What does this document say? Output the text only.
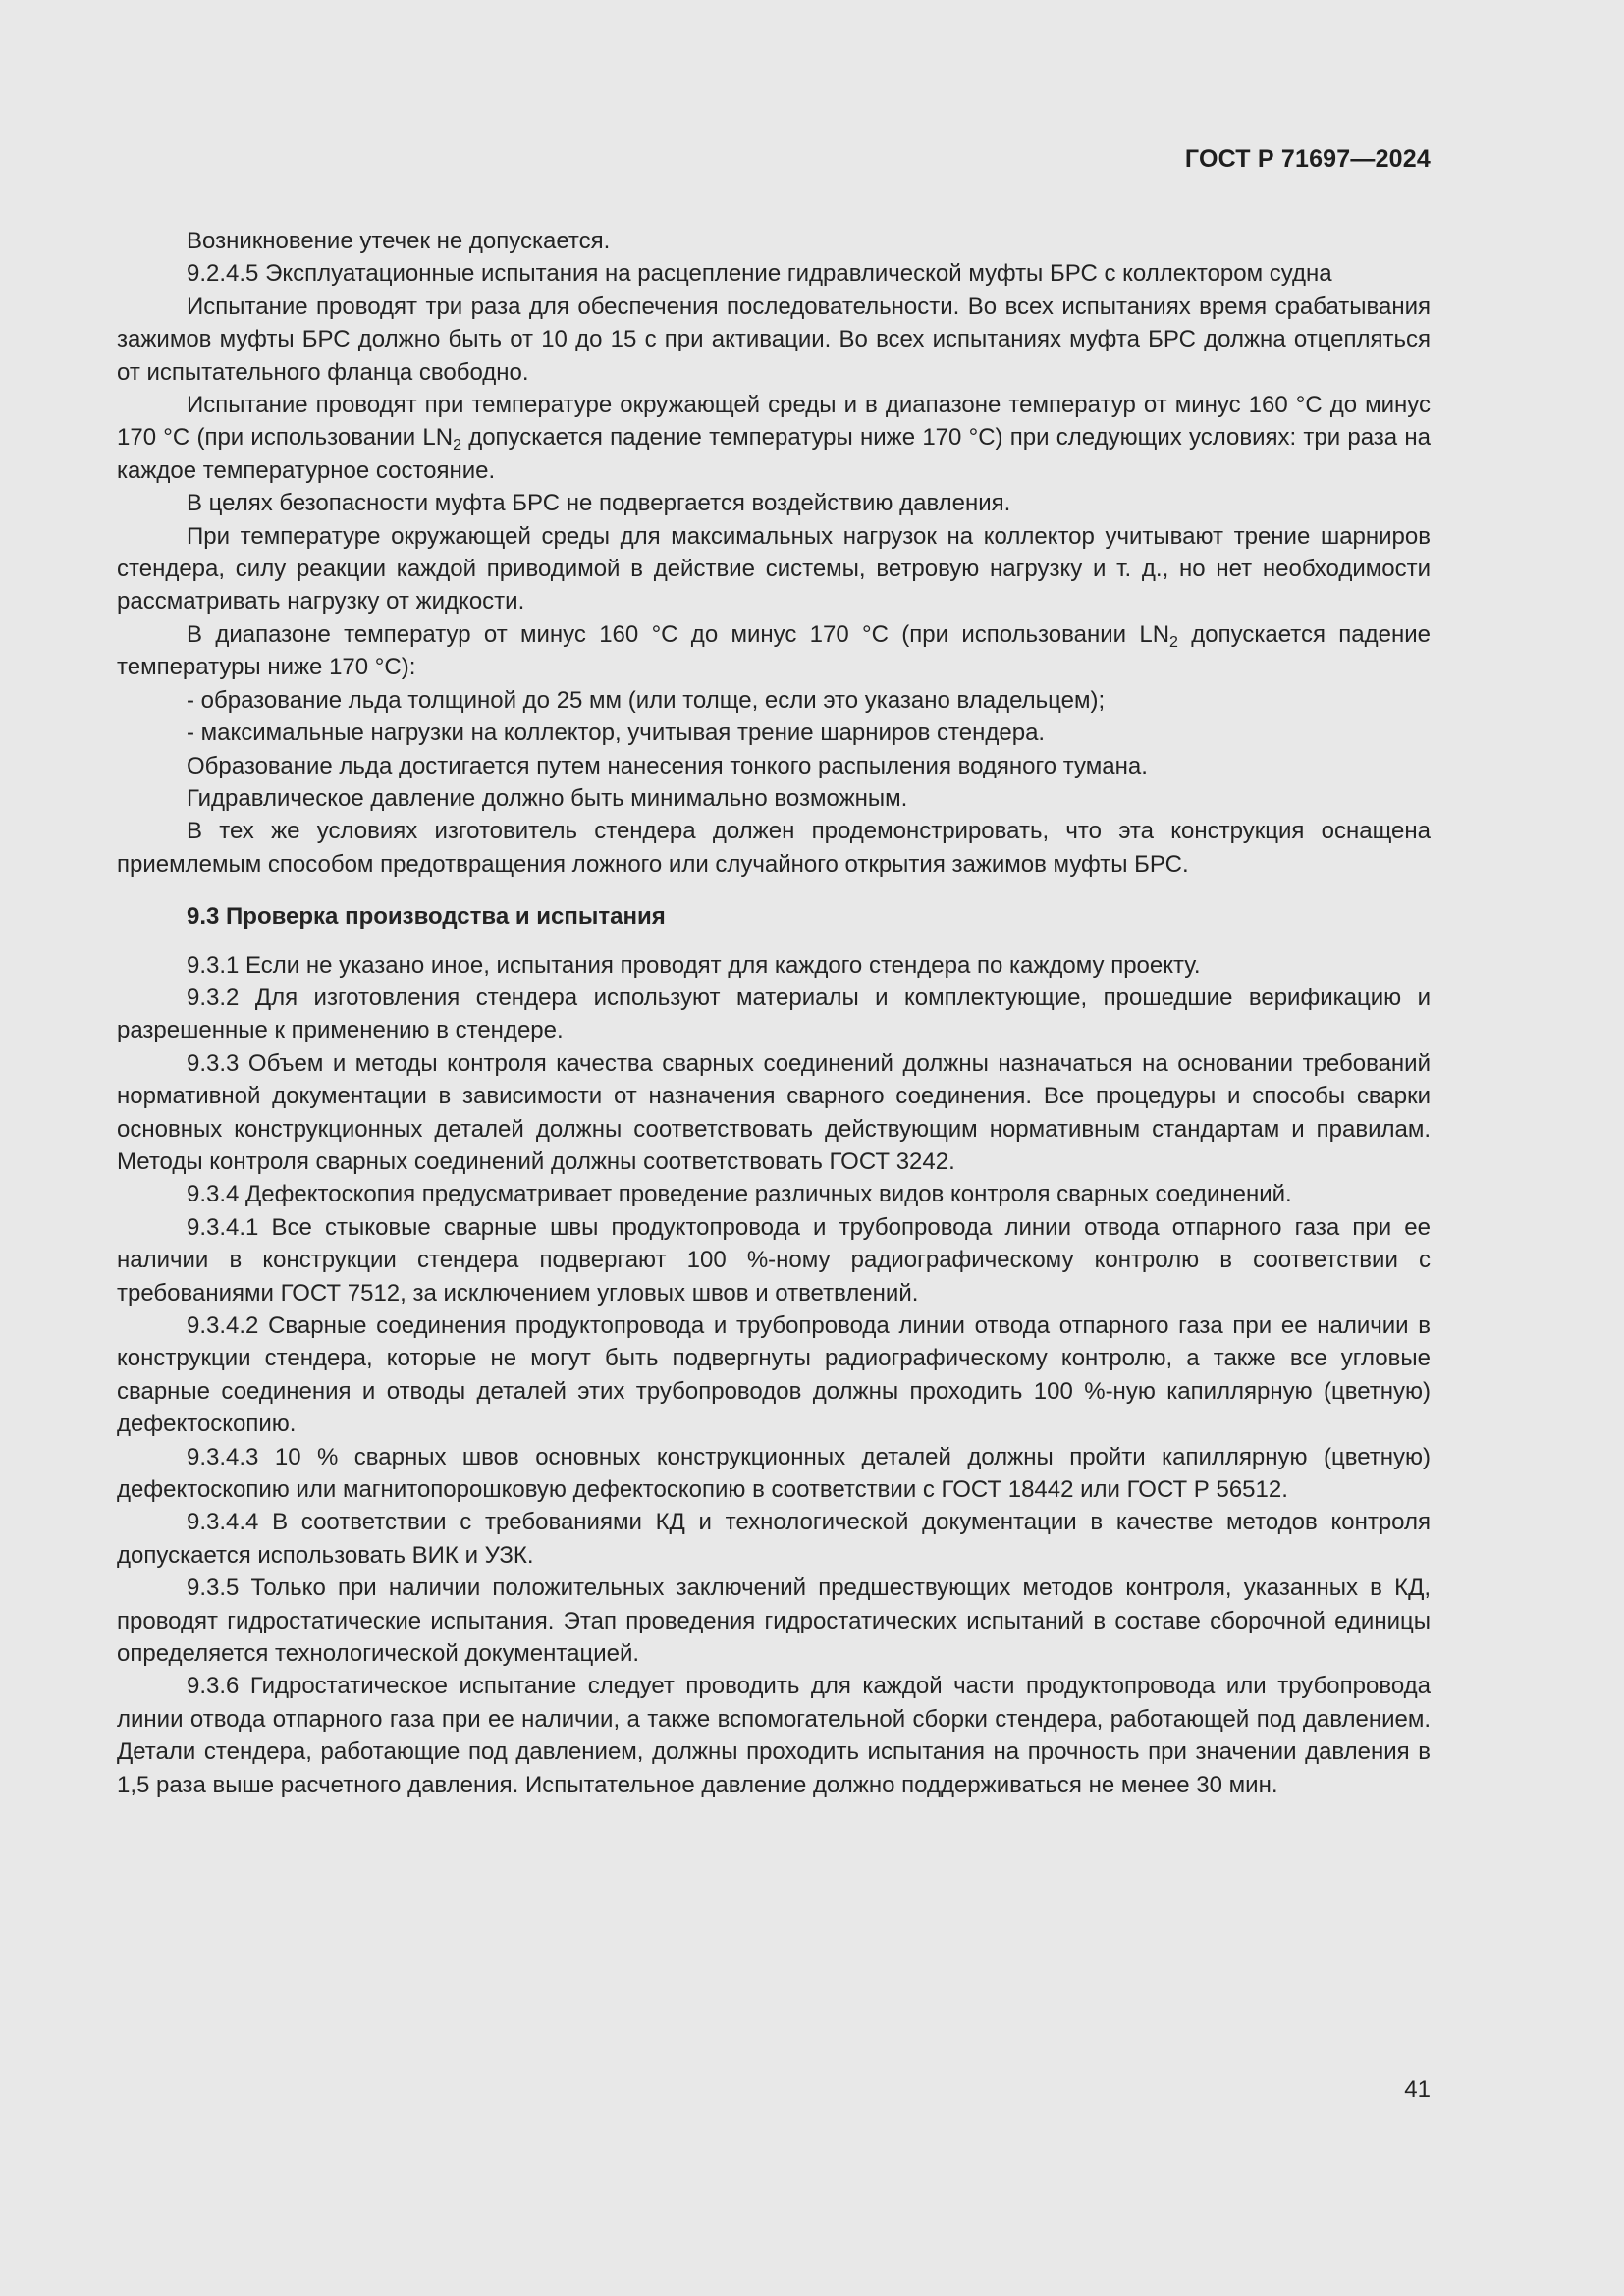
ГОСТ Р 71697—2024

Возникновение утечек не допускается.

9.2.4.5 Эксплуатационные испытания на расцепление гидравлической муфты БРС с коллектором судна

Испытание проводят три раза для обеспечения последовательности. Во всех испытаниях время срабатывания зажимов муфты БРС должно быть от 10 до 15 с при активации. Во всех испытаниях муфта БРС должна отцепляться от испытательного фланца свободно.

Испытание проводят при температуре окружающей среды и в диапазоне температур от минус 160 °C до минус 170 °C (при использовании $LN_2$ допускается падение температуры ниже 170 °C) при следующих условиях: три раза на каждое температурное состояние.

В целях безопасности муфта БРС не подвергается воздействию давления.

При температуре окружающей среды для максимальных нагрузок на коллектор учитывают трение шарниров стендера, силу реакции каждой приводимой в действие системы, ветровую нагрузку и т. д., но нет необходимости рассматривать нагрузку от жидкости.

В диапазоне температур от минус 160 °C до минус 170 °C (при использовании $LN_2$ допускается падение температуры ниже 170 °C):

- образование льда толщиной до 25 мм (или толще, если это указано владельцем);

- максимальные нагрузки на коллектор, учитывая трение шарниров стендера.

Образование льда достигается путем нанесения тонкого распыления водяного тумана.

Гидравлическое давление должно быть минимально возможным.

В тех же условиях изготовитель стендера должен продемонстрировать, что эта конструкция оснащена приемлемым способом предотвращения ложного или случайного открытия зажимов муфты БРС.

9.3 Проверка производства и испытания

9.3.1 Если не указано иное, испытания проводят для каждого стендера по каждому проекту.

9.3.2 Для изготовления стендера используют материалы и комплектующие, прошедшие верификацию и разрешенные к применению в стендере.

9.3.3 Объем и методы контроля качества сварных соединений должны назначаться на основании требований нормативной документации в зависимости от назначения сварного соединения. Все процедуры и способы сварки основных конструкционных деталей должны соответствовать действующим нормативным стандартам и правилам. Методы контроля сварных соединений должны соответствовать ГОСТ 3242.

9.3.4 Дефектоскопия предусматривает проведение различных видов контроля сварных соединений.

9.3.4.1 Все стыковые сварные швы продуктопровода и трубопровода линии отвода отпарного газа при ее наличии в конструкции стендера подвергают 100 %-ному радиографическому контролю в соответствии с требованиями ГОСТ 7512, за исключением угловых швов и ответвлений.

9.3.4.2 Сварные соединения продуктопровода и трубопровода линии отвода отпарного газа при ее наличии в конструкции стендера, которые не могут быть подвергнуты радиографическому контролю, а также все угловые сварные соединения и отводы деталей этих трубопроводов должны проходить 100 %-ную капиллярную (цветную) дефектоскопию.

9.3.4.3 10 % сварных швов основных конструкционных деталей должны пройти капиллярную (цветную) дефектоскопию или магнитопорошковую дефектоскопию в соответствии с ГОСТ 18442 или ГОСТ Р 56512.

9.3.4.4 В соответствии с требованиями КД и технологической документации в качестве методов контроля допускается использовать ВИК и УЗК.

9.3.5 Только при наличии положительных заключений предшествующих методов контроля, указанных в КД, проводят гидростатические испытания. Этап проведения гидростатических испытаний в составе сборочной единицы определяется технологической документацией.

9.3.6 Гидростатическое испытание следует проводить для каждой части продуктопровода или трубопровода линии отвода отпарного газа при ее наличии, а также вспомогательной сборки стендера, работающей под давлением. Детали стендера, работающие под давлением, должны проходить испытания на прочность при значении давления в 1,5 раза выше расчетного давления. Испытательное давление должно поддерживаться не менее 30 мин.

41
